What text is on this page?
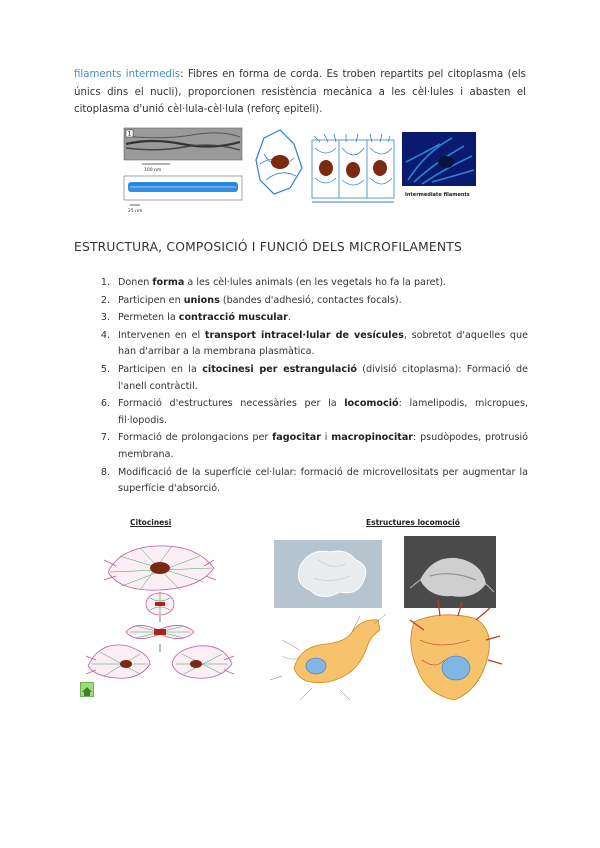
filaments intermedis: Fibres en forma de corda. Es troben repartits pel citoplasma (els únics dins el nucli), proporcionen resistència mecànica a les cèl·lules i abasten el citoplasma d'unió cèl·lula-cèl·lula (reforç epiteli).
1
100 nm
25 nm
Intermediate filaments
ESTRUCTURA, COMPOSICIÓ I FUNCIÓ DELS MICROFILAMENTS
1. Donen forma a les cèl·lules animals (en les vegetals ho fa la paret).
2. Participen en unions (bandes d'adhesió, contactes focals).
3. Permeten la contracció muscular.
4. Intervenen en el transport intracel·lular de vesícules, sobretot d'aquelles que han d'arribar a la membrana plasmàtica.
5. Participen en la citocinesi per estrangulació (divisió citoplasma): Formació de l'anell contràctil.
6. Formació d'estructures necessàries per la locomoció: lamelipodis, micropues, fil·lopodis.
7. Formació de prolongacions per fagocitar i macropinocitar: psudòpodes, protrusió membrana.
8. Modificació de la superfície cel·lular: formació de microvellositats per augmentar la superfície d'absorció.
Citocinesi	Estructures locomoció
